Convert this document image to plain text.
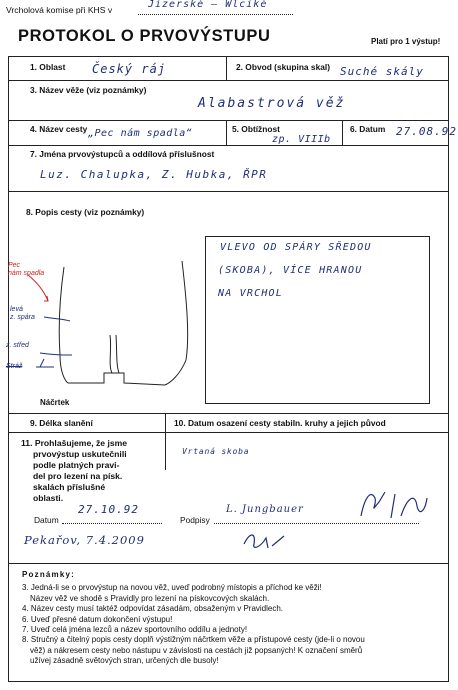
Vrcholová komise při KHS v	Jizerské – Wlciké
PROTOKOL O PRVOVÝSTUPU	Platí pro 1 výstup!
1. Oblast Český ráj	2. Obvod (skupina skal) Suché skály
3. Název věže (viz poznámky)
Alabastrová věž
4. Název cesty „Pec nám spadla“	5. Obtížnost
zp. VIIIb
6. Datum 27.08.92
7. Jména prvovýstupců a oddílová příslušnost
Luz. Chalupka, Z. Hubka, ŘPR
8. Popis cesty (viz poznámky)
VLEVO OD SPÁRY SŘEDOU
(SKOBA), VÍCE HRANOU
NA VRCHOL
Pec
nám spadla
levá
z. spára
z. střed
Stráž
Náčrtek
9. Délka slanění	10. Datum osazení cesty stabiln. kruhy a jejich původ
Vrtaná skoba
11. Prohlašujeme, že jsme
prvovýstup uskutečnili
podle platných pravi-
del pro lezení na písk.
skalách příslušné
oblasti.
Datum
27.10.92
Podpisy
L. Jungbauer
Pekařov, 7.4.2009
Poznámky:
3. Jedná-li se o prvovýstup na novou věž, uveď podrobný místopis a příchod ke věži!
Název věž ve shodě s Pravidly pro lezení na pískovcových skalách.
4. Název cesty musí taktéž odpovídat zásadám, obsaženým v Pravidlech.
6. Uveď přesné datum dokončení výstupu!
7. Uveď celá jména lezců a název sportovního oddílu a jednoty!
8. Stručný a čitelný popis cesty doplň výstižným náčrtkem věže a přístupové cesty (jde-li o novou
věž) a nákresem cesty nebo nástupu v závislosti na cestách již popsaných! K označení směrů
užívej zásadně světových stran, určených dle busoly!
